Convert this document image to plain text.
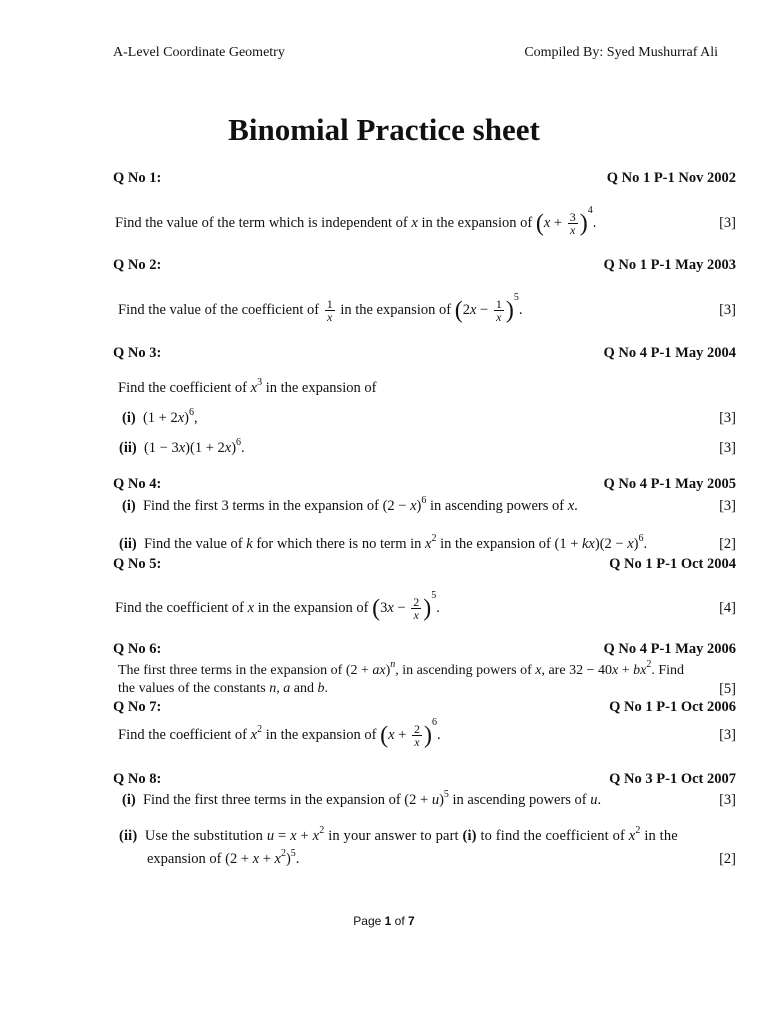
A-Level Coordinate Geometry	Compiled By: Syed Mushurraf Ali
Binomial Practice sheet
Q No 1:	Q No 1 P-1 Nov 2002
Find the value of the term which is independent of x in the expansion of $(x + \frac{3}{x} )^4$.	[3]
Q No 2:	Q No 1 P-1 May 2003
Find the value of the coefficient of $\frac{1}{x}$ in the expansion of $(2x - \frac{1}{x} )^5$.	[3]
Q No 3:	Q No 4 P-1 May 2004
Find the coefficient of $x^3$ in the expansion of
(i)  $(1 + 2x)^6$,	[3]
(ii)  $(1 - 3x)(1 + 2x)^6$.	[3]
Q No 4:	Q No 4 P-1 May 2005
(i) Find the first 3 terms in the expansion of $(2 - x)^6$ in ascending powers of x.	[3]
(ii) Find the value of k for which there is no term in $x^2$ in the expansion of $(1 + kx)(2 - x)^6$.	[2]
Q No 5:	Q No 1 P-1 Oct 2004
Find the coefficient of x in the expansion of $(3x - \frac{2}{x} )^5$.	[4]
Q No 6:	Q No 4 P-1 May 2006
The first three terms in the expansion of (2 + ax)$^n$, in ascending powers of x, are $32 - 40x + bx^2$. Find
the values of the constants n, a and b.	[5]
Q No 7:	Q No 1 P-1 Oct 2006
Find the coefficient of $x^2$ in the expansion of $(x + \frac{2}{x} )^6$.	[3]
Q No 8:	Q No 3 P-1 Oct 2007
(i) Find the first three terms in the expansion of $(2 + u)^5$ in ascending powers of u.	[3]
(ii) Use the substitution $u = x + x^2$ in your answer to part (i) to find the coefficient of $x^2$ in the
expansion of $(2 + x + x^2)^5$.	[2]
Page 1 of 7
